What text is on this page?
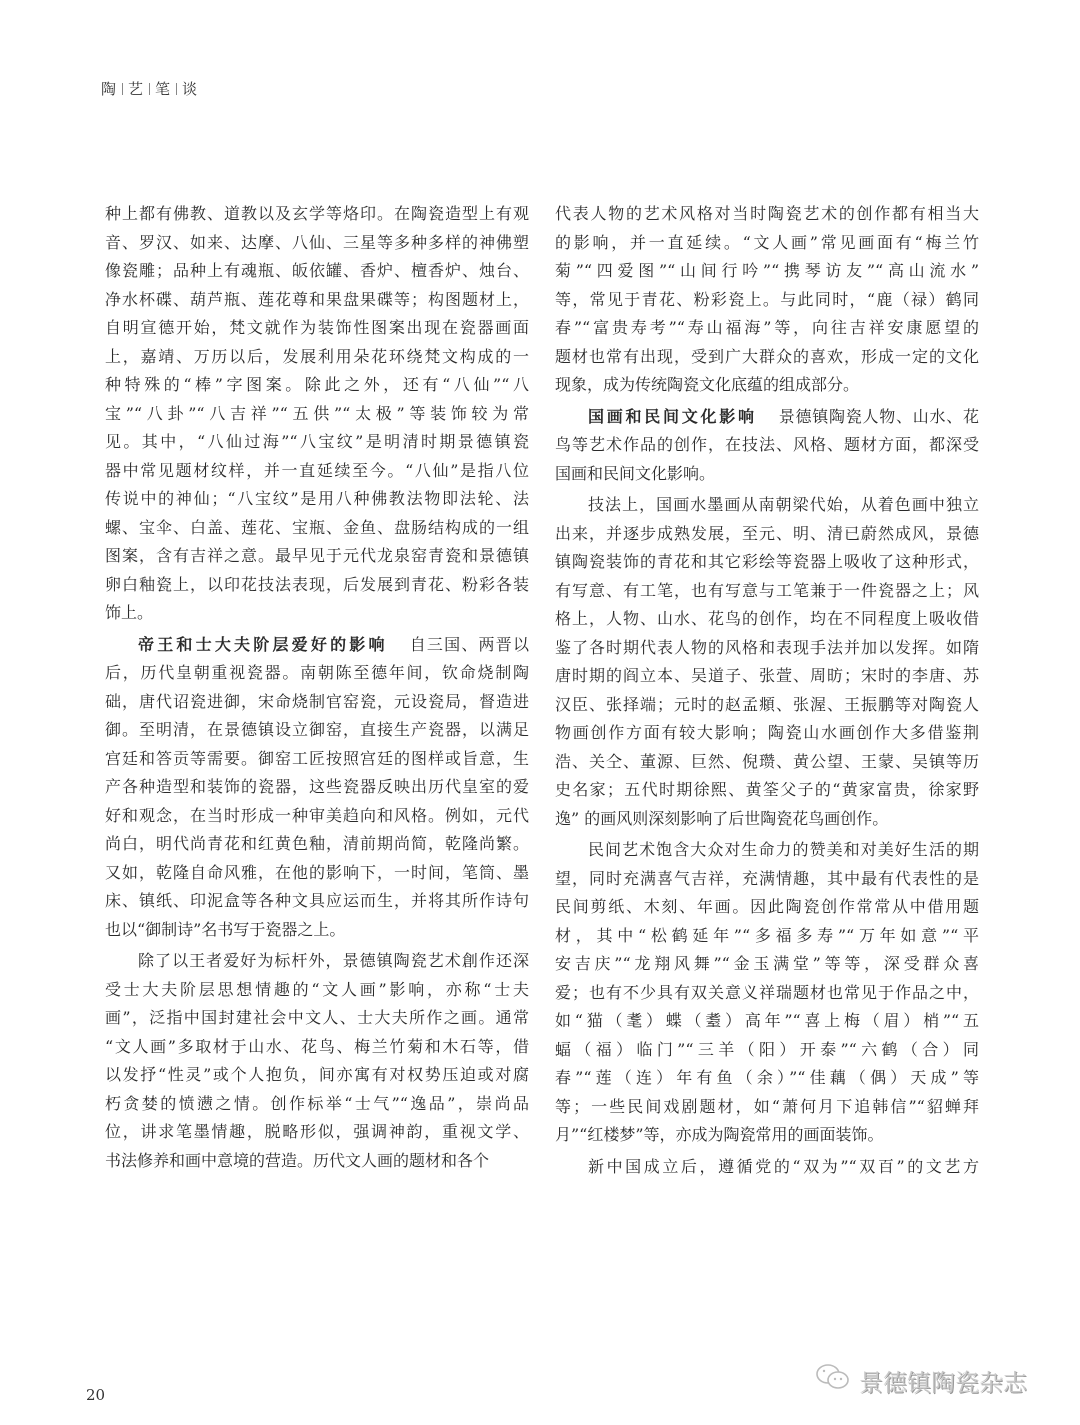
陶 艺 笔 谈
种上都有佛教、道教以及玄学等烙印。在陶瓷造型上有观
音、罗汉、如来、达摩、八仙、三星等多种多样的神佛塑
像瓷雕；品种上有魂瓶、皈依罐、香炉、檀香炉、烛台、
净水杯碟、葫芦瓶、莲花尊和果盘果碟等；构图题材上，
自明宣德开始，梵文就作为装饰性图案出现在瓷器画面
上，嘉靖、万历以后，发展利用朵花环绕梵文构成的一
种特殊的“棒”字图案。除此之外，还有“八仙”“八
宝”“八卦”“八吉祥”“五供”“太极”等装饰较为常
见。其中，“八仙过海”“八宝纹”是明清时期景德镇瓷
器中常见题材纹样，并一直延续至今。“八仙”是指八位
传说中的神仙；“八宝纹”是用八种佛教法物即法轮、法
螺、宝伞、白盖、莲花、宝瓶、金鱼、盘肠结构成的一组
图案，含有吉祥之意。最早见于元代龙泉窑青瓷和景德镇
卵白釉瓷上，以印花技法表现，后发展到青花、粉彩各装
饰上。
帝王和士大夫阶层爱好的影响 自三国、两晋以
后，历代皇朝重视瓷器。南朝陈至德年间，钦命烧制陶
础，唐代诏瓷进御，宋命烧制官窑瓷，元设瓷局，督造进
御。至明清，在景德镇设立御窑，直接生产瓷器，以满足
宫廷和答贡等需要。御窑工匠按照宫廷的图样或旨意，生
产各种造型和装饰的瓷器，这些瓷器反映出历代皇室的爱
好和观念，在当时形成一种审美趋向和风格。例如，元代
尚白，明代尚青花和红黄色釉，清前期尚简，乾隆尚繁。
又如，乾隆自命风雅，在他的影响下，一时间，笔筒、墨
床、镇纸、印泥盒等各种文具应运而生，并将其所作诗句
也以“御制诗”名书写于瓷器之上。
除了以王者爱好为标杆外，景德镇陶瓷艺术創作还深
受士大夫阶层思想情趣的“文人画”影响，亦称“士夫
画”，泛指中国封建社会中文人、士大夫所作之画。通常
“文人画”多取材于山水、花鸟、梅兰竹菊和木石等，借
以发抒“性灵”或个人抱负，间亦寓有对权势压迫或对腐
朽贪婪的愤懑之情。创作标举“士气”“逸品”，崇尚品
位，讲求笔墨情趣，脱略形似，强调神韵，重视文学、
书法修养和画中意境的营造。历代文人画的题材和各个
代表人物的艺术风格对当时陶瓷艺术的创作都有相当大
的影响，并一直延续。“文人画”常见画面有“梅兰竹
菊”“四爱图”“山间行吟”“携琴访友”“高山流水”
等，常见于青花、粉彩瓷上。与此同时，“鹿（禄）鹤同
春”“富贵寿考”“寿山福海”等，向往吉祥安康愿望的
题材也常有出现，受到广大群众的喜欢，形成一定的文化
现象，成为传统陶瓷文化底蕴的组成部分。
国画和民间文化影响 景德镇陶瓷人物、山水、花
鸟等艺术作品的创作，在技法、风格、题材方面，都深受
国画和民间文化影响。
技法上，国画水墨画从南朝梁代始，从着色画中独立
出来，并逐步成熟发展，至元、明、清已蔚然成风，景德
镇陶瓷装饰的青花和其它彩绘等瓷器上吸收了这种形式，
有写意、有工笔，也有写意与工笔兼于一件瓷器之上；风
格上，人物、山水、花鸟的创作，均在不同程度上吸收借
鉴了各时期代表人物的风格和表现手法并加以发挥。如隋
唐时期的阎立本、吴道子、张萱、周昉；宋时的李唐、苏
汉臣、张择端；元时的赵孟頫、张渥、王振鹏等对陶瓷人
物画创作方面有较大影响；陶瓷山水画创作大多借鉴荆
浩、关仝、董源、巨然、倪瓒、黄公望、王蒙、吴镇等历
史名家；五代时期徐熙、黄筌父子的“黄家富贵，徐家野
逸” 的画风则深刻影响了后世陶瓷花鸟画创作。
民间艺术饱含大众对生命力的赞美和对美好生活的期
望，同时充满喜气吉祥，充满情趣，其中最有代表性的是
民间剪纸、木刻、年画。因此陶瓷创作常常从中借用题
材，其中“松鹤延年”“多福多寿”“万年如意”“平
安吉庆”“龙翔风舞”“金玉满堂”等等，深受群众喜
爱；也有不少具有双关意义祥瑞题材也常见于作品之中，
如“猫（耄）蝶（耋）高年”“喜上梅（眉）梢”“五
蝠（福）临门”“三羊（阳）开泰”“六鹤（合）同
春”“莲（连）年有鱼（余）”“佳藕（偶）天成”等
等；一些民间戏剧题材，如“萧何月下追韩信”“貂蝉拜
月”“红楼梦”等，亦成为陶瓷常用的画面装饰。
新中国成立后，遵循党的“双为”“双百”的文艺方
20	景德镇陶瓷杂志
